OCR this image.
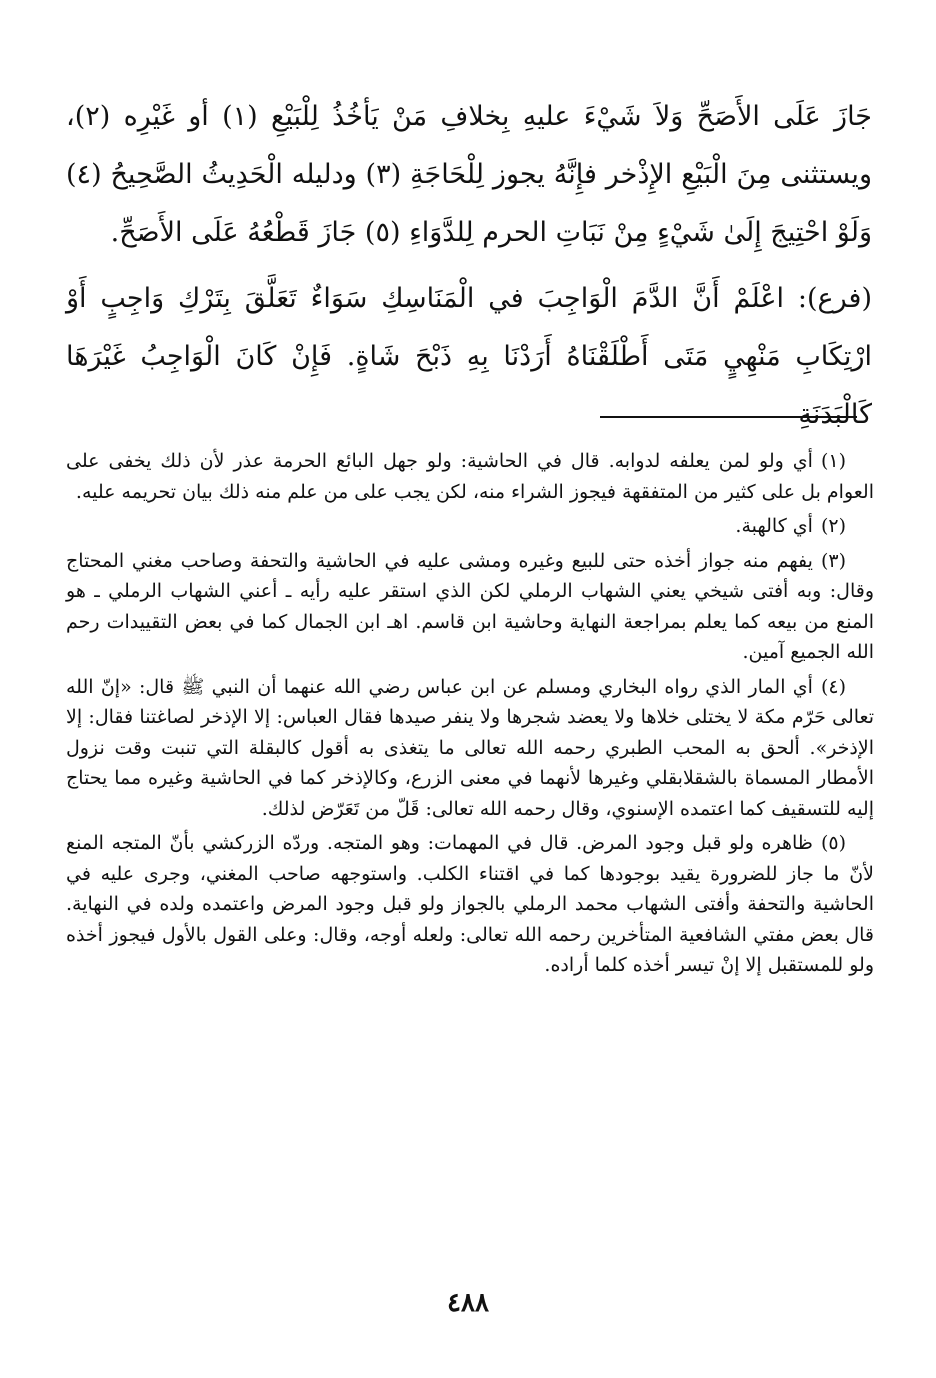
جَازَ عَلَى الأَصَحِّ وَلاَ شَيْءَ عليهِ بِخلافِ مَنْ يَأخُذُ لِلْبَيْعِ (١) أو غَيْرِه (٢)، ويستثنى مِنَ الْبَيْعِ الإِذْخر فإِنَّهُ يجوز لِلْحَاجَةِ (٣) ودليله الْحَدِيثُ الصَّحِيحُ (٤) وَلَوْ احْتِيجَ إِلَىٰ شَيْءٍ مِنْ نَبَاتِ الحرم لِلدَّوَاءِ (٥) جَازَ قَطْعُهُ عَلَى الأَصَحِّ.

(فرع): اعْلَمْ أَنَّ الدَّمَ الْوَاجِبَ في الْمَنَاسِكِ سَوَاءٌ تَعَلَّقَ بِتَرْكِ وَاجِبٍ أَوْ ارْتِكَابِ مَنْهِيٍ مَتَى أَطْلَقْنَاهُ أَرَدْنَا بِهِ ذَبْحَ شَاةٍ. فَإِنْ كَانَ الْوَاجِبُ غَيْرَهَا كَالْبَدَنَةِ

(١)أي ولو لمن يعلفه لدوابه. قال في الحاشية: ولو جهل البائع الحرمة عذر لأن ذلك يخفى على العوام بل على كثير من المتفقهة فيجوز الشراء منه، لكن يجب على من علم منه ذلك بيان تحريمه عليه.

(٢)أي كالهبة.

(٣)يفهم منه جواز أخذه حتى للبيع وغيره ومشى عليه في الحاشية والتحفة وصاحب مغني المحتاج وقال: وبه أفتى شيخي يعني الشهاب الرملي لكن الذي استقر عليه رأيه ـ أعني الشهاب الرملي ـ هو المنع من بيعه كما يعلم بمراجعة النهاية وحاشية ابن قاسم. اهـ ابن الجمال كما في بعض التقييدات رحم الله الجميع آمين.

(٤)أي المار الذي رواه البخاري ومسلم عن ابن عباس رضي الله عنهما أن النبي ﷺ قال: «إنّ الله تعالى حَرّم مكة لا يختلى خلاها ولا يعضد شجرها ولا ينفر صيدها فقال العباس: إلا الإذخر لصاغتنا فقال: إلا الإذخر». ألحق به المحب الطبري رحمه الله تعالى ما يتغذى به أقول كالبقلة التي تنبت وقت نزول الأمطار المسماة بالشقلابقلي وغيرها لأنهما في معنى الزرع، وكالإذخر كما في الحاشية وغيره مما يحتاج إليه للتسقيف كما اعتمده الإسنوي، وقال رحمه الله تعالى: قَلّ من تَعَرّض لذلك.

(٥)ظاهره ولو قبل وجود المرض. قال في المهمات: وهو المتجه. وردّه الزركشي بأنّ المتجه المنع لأنّ ما جاز للضرورة يقيد بوجودها كما في اقتناء الكلب. واستوجهه صاحب المغني، وجرى عليه في الحاشية والتحفة وأفتى الشهاب محمد الرملي بالجواز ولو قبل وجود المرض واعتمده ولده في النهاية. قال بعض مفتي الشافعية المتأخرين رحمه الله تعالى: ولعله أوجه، وقال: وعلى القول بالأول فيجوز أخذه ولو للمستقبل إلا إنْ تيسر أخذه كلما أراده.

٤٨٨
